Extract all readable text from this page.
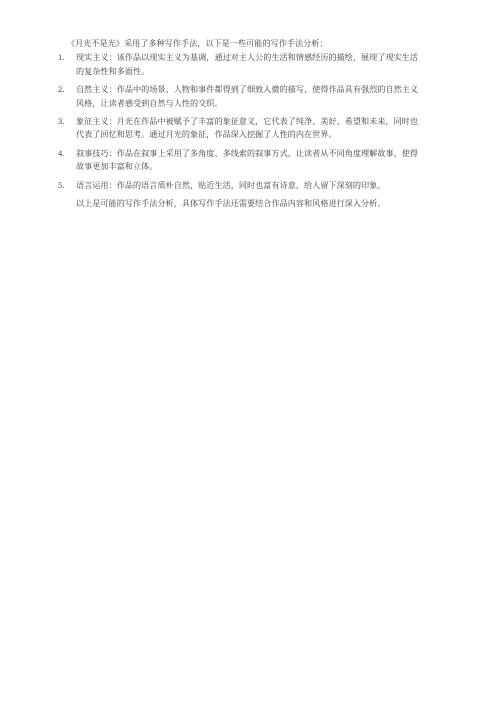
《月光不是光》采用了多种写作手法，以下是一些可能的写作手法分析：

1.	现实主义：该作品以现实主义为基调，通过对主人公的生活和情感经历的描绘，展现了现实生活的复杂性和多面性。
2.	自然主义：作品中的场景、人物和事件都得到了细致入微的描写，使得作品具有强烈的自然主义风格，让读者感受到自然与人性的交织。
3.	象征主义：月光在作品中被赋予了丰富的象征意义，它代表了纯净、美好、希望和未来，同时也代表了回忆和思考。通过月光的象征，作品深入挖掘了人性的内在世界。
4.	叙事技巧：作品在叙事上采用了多角度、多线索的叙事方式，让读者从不同角度理解故事，使得故事更加丰富和立体。
5.	语言运用：作品的语言质朴自然，贴近生活，同时也富有诗意，给人留下深刻的印象。

以上是可能的写作手法分析，具体写作手法还需要结合作品内容和风格进行深入分析。
